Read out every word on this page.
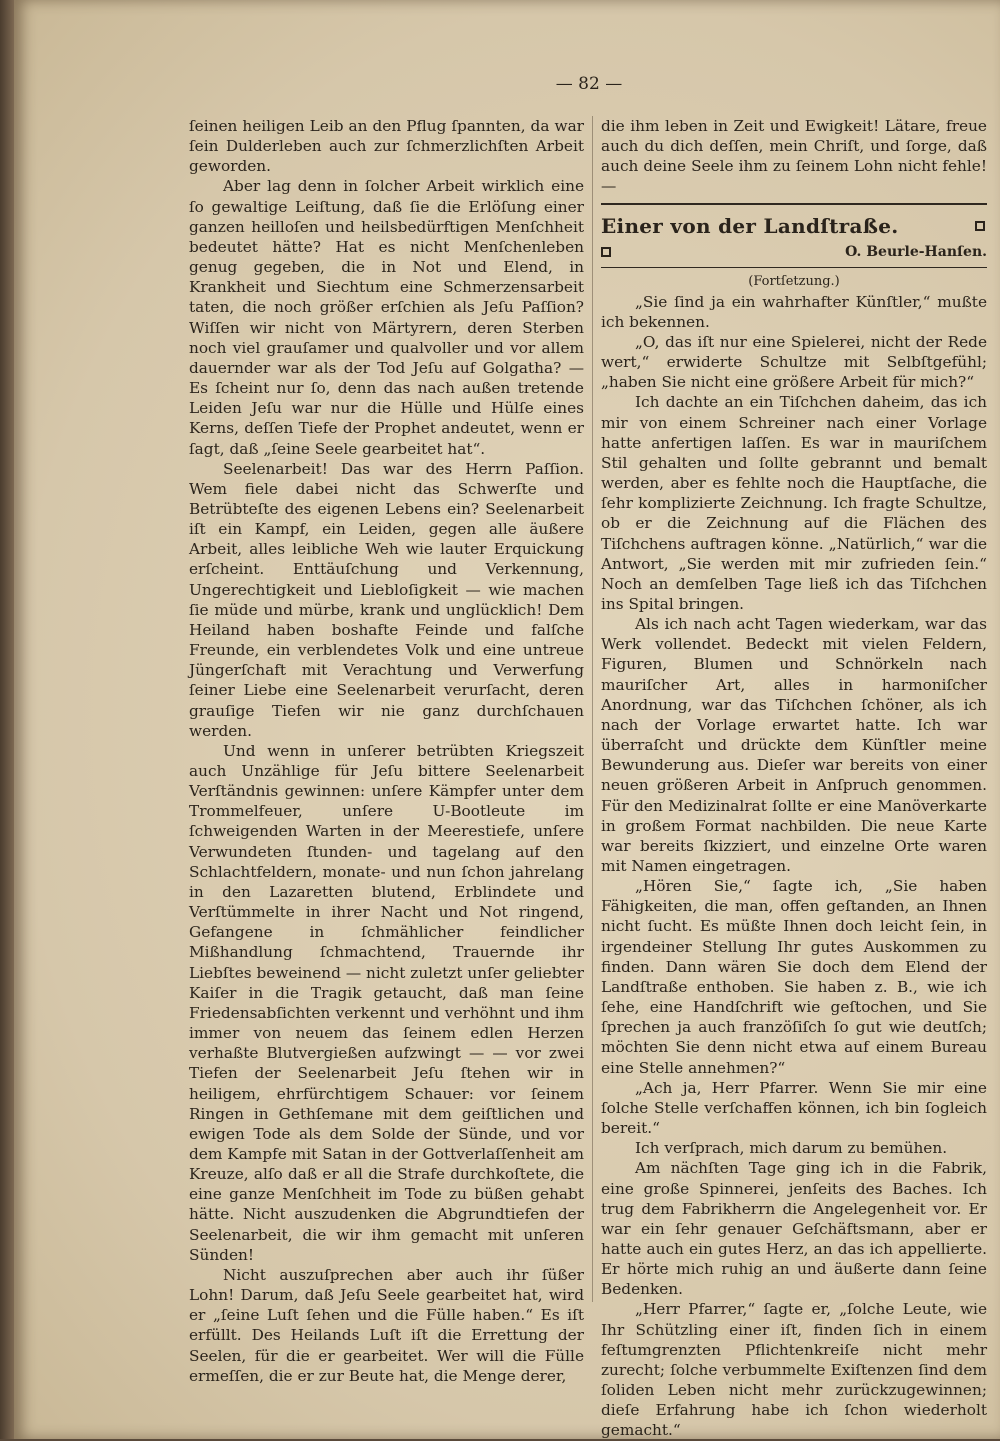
— 82 —

ſeinen heiligen Leib an den Pflug ſpannten, da war ſein Dulderleben auch zur ſchmerzlichſten Arbeit geworden.

Aber lag denn in ſolcher Arbeit wirklich eine ſo gewaltige Leiſtung, daß ſie die Erlöſung einer ganzen heilloſen und heilsbedürftigen Menſchheit bedeutet hätte? Hat es nicht Menſchenleben genug gegeben, die in Not und Elend, in Krankheit und Siechtum eine Schmerzensarbeit taten, die noch größer erſchien als Jeſu Paſſion? Wiſſen wir nicht von Märtyrern, deren Sterben noch viel grauſamer und qualvoller und vor allem dauernder war als der Tod Jeſu auf Golgatha? — Es ſcheint nur ſo, denn das nach außen tretende Leiden Jeſu war nur die Hülle und Hülſe eines Kerns, deſſen Tiefe der Prophet andeutet, wenn er ſagt, daß „ſeine Seele gearbeitet hat“.

Seelenarbeit! Das war des Herrn Paſſion. Wem fiele dabei nicht das Schwerſte und Betrübteſte des eigenen Lebens ein? Seelenarbeit iſt ein Kampf, ein Leiden, gegen alle äußere Arbeit, alles leibliche Weh wie lauter Erquickung erſcheint. Enttäuſchung und Verkennung, Ungerechtigkeit und Liebloſigkeit — wie machen ſie müde und mürbe, krank und unglücklich! Dem Heiland haben boshafte Feinde und falſche Freunde, ein verblendetes Volk und eine untreue Jüngerſchaft mit Verachtung und Verwerfung ſeiner Liebe eine Seelenarbeit verurſacht, deren grauſige Tiefen wir nie ganz durchſchauen werden.

Und wenn in unſerer betrübten Kriegszeit auch Unzählige für Jeſu bittere Seelenarbeit Verſtändnis gewinnen: unſere Kämpfer unter dem Trommelfeuer, unſere U-Bootleute im ſchweigenden Warten in der Meerestiefe, unſere Verwundeten ſtunden- und tagelang auf den Schlachtfeldern, monate- und nun ſchon jahrelang in den Lazaretten blutend, Erblindete und Verſtümmelte in ihrer Nacht und Not ringend, Gefangene in ſchmählicher feindlicher Mißhandlung ſchmachtend, Trauernde ihr Liebſtes beweinend — nicht zuletzt unſer geliebter Kaiſer in die Tragik getaucht, daß man ſeine Friedensabſichten verkennt und verhöhnt und ihm immer von neuem das ſeinem edlen Herzen verhaßte Blutvergießen aufzwingt — — vor zwei Tiefen der Seelenarbeit Jeſu ſtehen wir in heiligem, ehrfürchtigem Schauer: vor ſeinem Ringen in Gethſemane mit dem geiſtlichen und ewigen Tode als dem Solde der Sünde, und vor dem Kampfe mit Satan in der Gottverlaſſenheit am Kreuze, alſo daß er all die Strafe durchkoſtete, die eine ganze Menſchheit im Tode zu büßen gehabt hätte. Nicht auszudenken die Abgrundtiefen der Seelenarbeit, die wir ihm gemacht mit unſeren Sünden!

Nicht auszuſprechen aber auch ihr ſüßer Lohn! Darum, daß Jeſu Seele gearbeitet hat, wird er „ſeine Luſt ſehen und die Fülle haben.“ Es iſt erfüllt. Des Heilands Luſt iſt die Errettung der Seelen, für die er gearbeitet. Wer will die Fülle ermeſſen, die er zur Beute hat, die Menge derer,

die ihm leben in Zeit und Ewigkeit! Lätare, freue auch du dich deſſen, mein Chriſt, und ſorge, daß auch deine Seele ihm zu ſeinem Lohn nicht fehle! —

Einer von der Landſtraße.
O. Beurle-Hanſen.
(Fortſetzung.)

„Sie ſind ja ein wahrhafter Künſtler,“ mußte ich bekennen.

„O, das iſt nur eine Spielerei, nicht der Rede wert,“ erwiderte Schultze mit Selbſtgefühl; „haben Sie nicht eine größere Arbeit für mich?“

Ich dachte an ein Tiſchchen daheim, das ich mir von einem Schreiner nach einer Vorlage hatte anfertigen laſſen. Es war in mauriſchem Stil gehalten und ſollte gebrannt und bemalt werden, aber es fehlte noch die Hauptſache, die ſehr komplizierte Zeichnung. Ich fragte Schultze, ob er die Zeichnung auf die Flächen des Tiſchchens auftragen könne. „Natürlich,“ war die Antwort, „Sie werden mit mir zufrieden ſein.“ Noch an demſelben Tage ließ ich das Tiſchchen ins Spital bringen.

Als ich nach acht Tagen wiederkam, war das Werk vollendet. Bedeckt mit vielen Feldern, Figuren, Blumen und Schnörkeln nach mauriſcher Art, alles in harmoniſcher Anordnung, war das Tiſchchen ſchöner, als ich nach der Vorlage erwartet hatte. Ich war überraſcht und drückte dem Künſtler meine Bewunderung aus. Dieſer war bereits von einer neuen größeren Arbeit in Anſpruch genommen. Für den Medizinalrat ſollte er eine Manöverkarte in großem Format nachbilden. Die neue Karte war bereits ſkizziert, und einzelne Orte waren mit Namen eingetragen.

„Hören Sie,“ ſagte ich, „Sie haben Fähigkeiten, die man, offen geſtanden, an Ihnen nicht ſucht. Es müßte Ihnen doch leicht ſein, in irgendeiner Stellung Ihr gutes Auskommen zu finden. Dann wären Sie doch dem Elend der Landſtraße enthoben. Sie haben z. B., wie ich ſehe, eine Handſchrift wie geſtochen, und Sie ſprechen ja auch franzöſiſch ſo gut wie deutſch; möchten Sie denn nicht etwa auf einem Bureau eine Stelle annehmen?“

„Ach ja, Herr Pfarrer. Wenn Sie mir eine ſolche Stelle verſchaffen können, ich bin ſogleich bereit.“

Ich verſprach, mich darum zu bemühen.

Am nächſten Tage ging ich in die Fabrik, eine große Spinnerei, jenſeits des Baches. Ich trug dem Fabrikherrn die Angelegenheit vor. Er war ein ſehr genauer Geſchäftsmann, aber er hatte auch ein gutes Herz, an das ich appellierte. Er hörte mich ruhig an und äußerte dann ſeine Bedenken.

„Herr Pfarrer,“ ſagte er, „ſolche Leute, wie Ihr Schützling einer iſt, finden ſich in einem feſtumgrenzten Pflichtenkreiſe nicht mehr zurecht; ſolche verbummelte Exiſtenzen ſind dem ſoliden Leben nicht mehr zurückzugewinnen; dieſe Erfahrung habe ich ſchon wiederholt gemacht.“
